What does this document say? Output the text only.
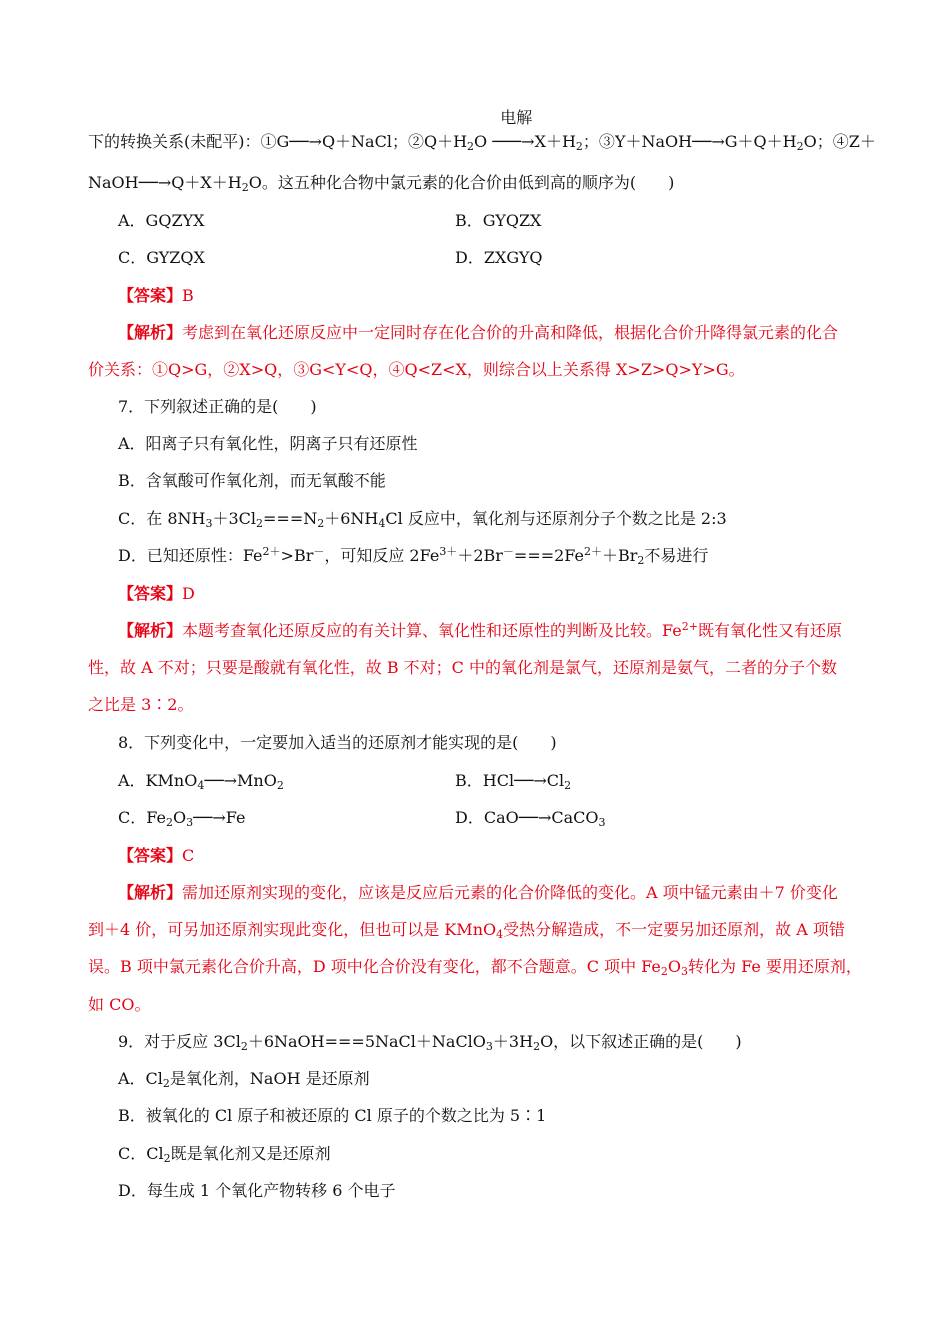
下的转换关系(未配平)：①G──→Q＋NaCl；$②Q+H_2O$
电解
$───\to X+H_2$；$③Y+NaOH──\to G+Q+H_2O$；④Z＋
$NaOH──\to Q+X+H_2O$。这五种化合物中氯元素的化合价由低到高的顺序为(　　)
A．GQZYX	B．GYQZX
C．GYZQX	D．ZXGYQ
【答案】B
【解析】考虑到在氧化还原反应中一定同时存在化合价的升高和降低，根据化合价升降得氯元素的化合
价关系：①Q>G，②X>Q，③G<Y<Q，④Q<Z<X，则综合以上关系得 X>Z>Q>Y>G。
7．下列叙述正确的是(　　)
A．阳离子只有氧化性，阴离子只有还原性
B．含氧酸可作氧化剂，而无氧酸不能
C．在 $8NH_3+3Cl_2===N_2+6NH_4Cl$ 反应中，氧化剂与还原剂分子个数之比是 2:3
D．已知还原性：$Fe^{2+}>Br^-$，可知反应 $2Fe^{3+}+2Br^-===2Fe^{2+}+Br_2$不易进行
【答案】D
【解析】本题考查氧化还原反应的有关计算、氧化性和还原性的判断及比较。$Fe^{2+}$既有氧化性又有还原
性，故 A 不对；只要是酸就有氧化性，故 B 不对；C 中的氧化剂是氯气，还原剂是氨气，二者的分子个数
之比是 3∶2。
8．下列变化中，一定要加入适当的还原剂才能实现的是(　　)
A．KMnO$_4$──→MnO$_2$	B．$HCl──\to Cl_2$
C．$Fe_2O_3──\to Fe$	D．CaO──→CaCO$_3$
【答案】C
【解析】需加还原剂实现的变化，应该是反应后元素的化合价降低的变化。A 项中锰元素由＋7 价变化
到＋4 价，可另加还原剂实现此变化，但也可以是 KMnO$_4$受热分解造成，不一定要另加还原剂，故 A 项错
误。B 项中氯元素化合价升高，D 项中化合价没有变化，都不合题意。C 项中 $Fe_2O_3$转化为 Fe 要用还原剂，
如 CO。
9．对于反应 $3Cl_2+6NaOH===5NaCl+NaClO_3+3H_2O$，以下叙述正确的是(　　)
A．$Cl_2$是氧化剂，NaOH 是还原剂
B．被氧化的 Cl 原子和被还原的 Cl 原子的个数之比为 5∶1
C．$Cl_2$既是氧化剂又是还原剂
D．每生成 1 个氧化产物转移 6 个电子
